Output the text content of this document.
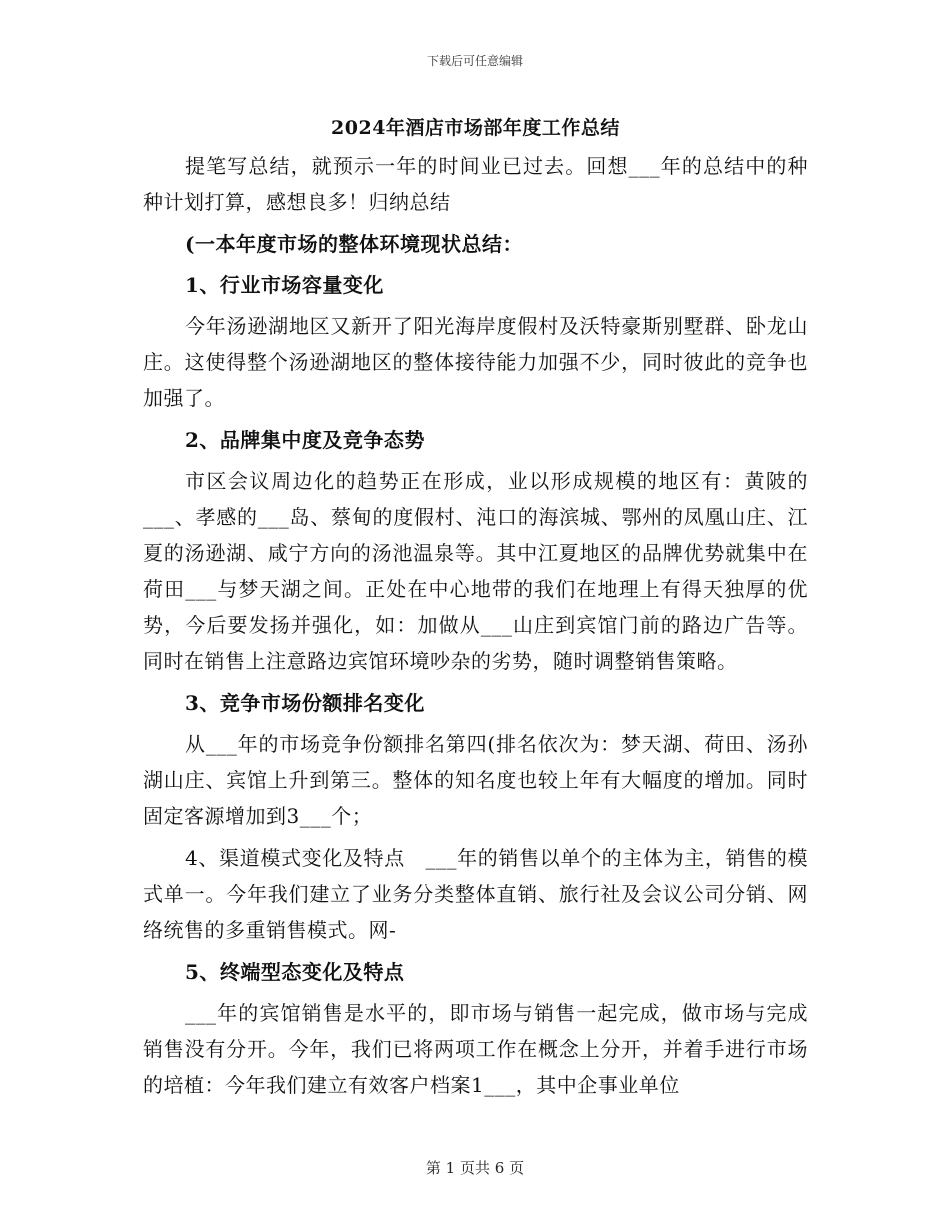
下载后可任意编辑
2024年酒店市场部年度工作总结

提笔写总结，就预示一年的时间业已过去。回想___年的总结中的种种计划打算，感想良多！归纳总结

(一本年度市场的整体环境现状总结：

1、行业市场容量变化

今年汤逊湖地区又新开了阳光海岸度假村及沃特豪斯别墅群、卧龙山庄。这使得整个汤逊湖地区的整体接待能力加强不少，同时彼此的竞争也加强了。

2、品牌集中度及竞争态势

市区会议周边化的趋势正在形成，业以形成规模的地区有：黄陂的___、孝感的___岛、蔡甸的度假村、沌口的海滨城、鄂州的凤凰山庄、江夏的汤逊湖、咸宁方向的汤池温泉等。其中江夏地区的品牌优势就集中在荷田___与梦天湖之间。正处在中心地带的我们在地理上有得天独厚的优势，今后要发扬并强化，如：加做从___山庄到宾馆门前的路边广告等。同时在销售上注意路边宾馆环境吵杂的劣势，随时调整销售策略。

3、竞争市场份额排名变化

从___年的市场竞争份额排名第四(排名依次为：梦天湖、荷田、汤孙湖山庄、宾馆上升到第三。整体的知名度也较上年有大幅度的增加。同时固定客源增加到3___个；

4、渠道模式变化及特点　___年的销售以单个的主体为主，销售的模式单一。今年我们建立了业务分类整体直销、旅行社及会议公司分销、网络统售的多重销售模式。网-

5、终端型态变化及特点

___年的宾馆销售是水平的，即市场与销售一起完成，做市场与完成销售没有分开。今年，我们已将两项工作在概念上分开，并着手进行市场的培植：今年我们建立有效客户档案1___，其中企事业单位

第 1 页共 6 页
